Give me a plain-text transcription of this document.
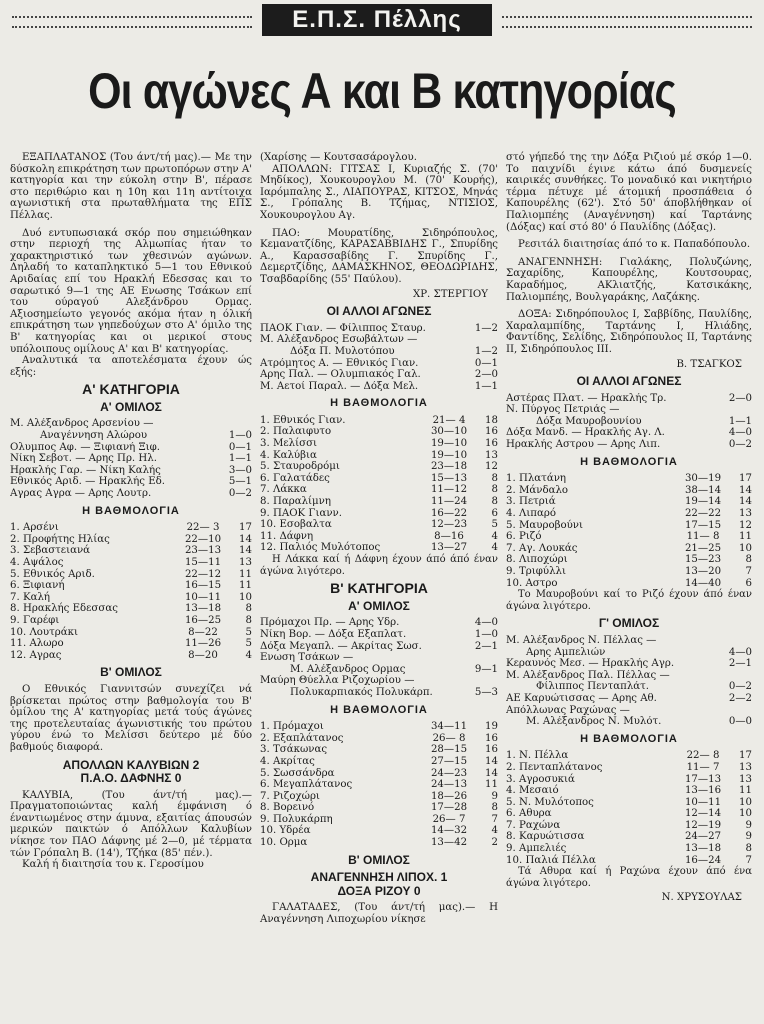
Ε.Π.Σ. Πέλλης
Οι αγώνες Α και Β κατηγορίας

ΕΞΑΠΛΑΤΑΝΟΣ (Του άντ/τή μας).— Με την δύσκολη επικράτηση των πρωτοπόρων στην Α' κατηγορία και την εύκολη στην Β', πέρασε στο περιθώριο και η 10η και 11η αντίτοιχα αγωνιστική στα πρωταθλήματα της ΕΠΣ Πέλλας.

Δυό εντυπωσιακά σκόρ που σημειώθηκαν στην περιοχή της Αλμωπίας ήταν το χαρακτηριστικό των χθεσινών αγώνων. Δηλαδή το καταπληκτικό 5—1 του Εθνικού Αριδαίας επί του Ηρακλή Εδεσσας και το σαρωτικό 9—1 της ΑΕ Ενωσης Τσάκων επί του ούραγού Αλεξάνδρου Ορμας. Αξιοσημείωτο γεγονός ακόμα ήταν η όλική επικράτηση των γηπεδούχων στο Α' όμιλο της Β' κατηγορίας και οι μερικοί στους υπόλοιπους ομίλους Α' και Β' κατηγορίας.

Αναλυτικά τα αποτελέσματα έχουν ώς εξής:

Α' ΚΑΤΗΓΟΡΙΑ
Α' ΟΜΙΛΟΣ
Μ. Αλέξανδρος Αρσενίου —
Αναγέννηση Αλώρου	1—0
Ολυμπος Αφ. — Ξιφιανή Ξιφ.	0—1
Νίκη Σεβοτ. — Αρης Πρ. Ηλ.	1—1
Ηρακλής Γαρ. — Νίκη Καλής	3—0
Εθνικός Αριδ. — Ηρακλής Εδ.	5—1
Αγρας Αγρα — Αρης Λουτρ.	0—2
Η ΒΑΘΜΟΛΟΓΙΑ
1. Αρσένι	22— 3	17
2. Προφήτης Ηλίας	22—10	14
3. Σεβαστειανά	23—13	14
4. Αψάλος	15—11	13
5. Εθνικός Αριδ.	22—12	11
6. Ξιφιανή	16—15	11
7. Καλή	10—11	10
8. Ηρακλής Εδεσσας	13—18	8
9. Γαρέφι	16—25	8
10. Λουτράκι	8—22	5
11. Αλωρο	11—26	5
12. Αγρας	8—20	4
Β' ΟΜΙΛΟΣ

Ο Εθνικός Γιαννιτσών συνεχίζει νά βρίσκεται πρώτος στην βαθμολογία του Β' ὁμίλου της Α' κατηγορίας μετά τούς άγώνες της προτελευταίας άγωνιστικής του πρώτου γύρου ένώ το Μελίσσι δεύτερο μέ δύο βαθμούς διαφορά.

ΑΠΟΛΛΩΝ ΚΑΛΥΒΙΩΝ 2
Π.Α.Ο. ΔΑΦΝΗΣ 0

ΚΑΛΥΒΙΑ, (Του άντ/τή μας).— Πραγματοποιώντας καλή έμφάνιση ό έναντιωμένος στην άμυνα, εξαιτίας άπουσών μερικών παικτών ό Απόλλων Καλυβίων νίκησε τον ΠΑΟ Δάφνης μέ 2—0, μέ τέρματα τών Γρόπαλη Β. (14'), Τζήκα (85' πέν.).

Καλή ή διαιτησία του κ. Γεροσίμου

(Χαρίσης — Κουτσασάρογλου.

ΑΠΟΛΛΩΝ: ΓΙΤΣΑΣ Ι, Κυριαζής Σ. (70' Μηδίκος), Χουκουρογλου Μ. (70' Κουρής), Ιαρόμπαλης Σ., ΛΙΑΠΟΥΡΑΣ, ΚΙΤΣΟΣ, Μηνάς Σ., Γρόπαλης Β. Τζήμας, ΝΤΙΣΙΟΣ, Χουκουρογλου Αγ.

ΠΑΟ: Μουρατίδης, Σιδηρόπουλος, Κεμανατζίδης, ΚΑΡΑΣΑΒΒΙΔΗΣ Γ., Σπυρίδης Α., Καρασσαβίδης Γ. Σπυρίδης Γ., Δεμερτζίδης, ΔΑΜΑΣΚΗΝΟΣ, ΘΕΟΔΩΡΙΔΗΣ, Τσαβδαρίδης (55' Παύλου).

ΧΡ. ΣΤΕΡΓΙΟΥ
ΟΙ ΑΛΛΟΙ ΑΓΩΝΕΣ
ΠΑΟΚ Γιαν. — Φίλιππος Σταυρ.	1—2
Μ. Αλέξανδρος Εσωβάλτων —
Δόξα Π. Μυλοτόπου	1—2
Ατρόμητος Α. — Εθνικός Γιαν.	0—1
Αρης Παλ. — Ολυμπιακός Γαλ.	2—0
Μ. Αετοί Παραλ. — Δόξα Μελ.	1—1
Η ΒΑΘΜΟΛΟΓΙΑ
1. Εθνικός Γιαν.	21— 4	18
2. Παλαιφυτο	30—10	16
3. Μελίσσι	19—10	16
4. Καλύβια	19—10	13
5. Σταυροδρόμι	23—18	12
6. Γαλατάδες	15—13	8
7. Λάκκα	11—12	8
8. Παραλίμνη	11—24	8
9. ΠΑΟΚ Γιανν.	16—22	6
10. Εσοβαλτα	12—23	5
11. Δάφνη	8—16	4
12. Παλιός Μυλότοπος	13—27	4

Η Λάκκα καί ή Δάφνη έχουν άπό άπό έναν άγώνα λιγότερο.

Β' ΚΑΤΗΓΟΡΙΑ
Α' ΟΜΙΛΟΣ
Πρόμαχοι Πρ. — Αρης Υδρ.	4—0
Νίκη Βορ. — Δόξα Εξαπλατ.	1—0
Δόξα Μεγαπλ. — Ακρίτας Σωσ.	2—1
Ενωση Τσάκων —
Μ. Αλέξανδρος Ορμας	9—1
Μαύρη Θύελλα Ριζοχωρίου —
Πολυκαρπιακός Πολυκάρπ.	5—3
Η ΒΑΘΜΟΛΟΓΙΑ
1. Πρόμαχοι	34—11	19
2. Εξαπλάτανος	26— 8	16
3. Τσάκωνας	28—15	16
4. Ακρίτας	27—15	14
5. Σωσσάνδρα	24—23	14
6. Μεγαπλάτανος	24—13	11
7. Ριζοχώρι	18—26	9
8. Βορεινό	17—28	8
9. Πολυκάρπη	26— 7	7
10. Υδρέα	14—32	4
10. Ορμα	13—42	2
Β' ΟΜΙΛΟΣ
ΑΝΑΓΕΝΝΗΣΗ ΛΙΠΟΧ. 1
ΔΟΞΑ ΡΙΖΟΥ 0

ΓΑΛΑΤΑΔΕΣ, (Του άντ/τή μας).— Η Αναγέννηση Λιποχωρίου νίκησε

στό γήπεδό της την Δόξα Ριζιού μέ σκόρ 1—0. Το παιχνίδι έγινε κάτω άπό δυσμενείς καιρικές συνθήκες. Το μοναδικό και νικητήριο τέρμα πέτυχε μέ άτομική προσπάθεια ό Καπουρέλης (62'). Στό 50' άποβλήθηκαν οί Παλιομπέης (Αναγέννηση) καί Ταρτάνης (Δόξας) καί στό 80' ό Παυλίδης (Δόξας).

Ρεσιτάλ διαιτησίας άπό το κ. Παπαδόπουλο.

ΑΝΑΓΕΝΝΗΣΗ: Γιαλάκης, Πολυζώνης, Σαχαρίδης, Καπουρέλης, Κουτσουρας, Καραδήμος, ΑΚλιατζής, Κατσικάκης, Παλιομπέης, Βουλγαράκης, Λαζάκης.

ΔΟΞΑ: Σιδηρόπουλος Ι, Σαββίδης, Παυλίδης, Χαραλαμπίδης, Ταρτάνης Ι, Ηλιάδης, Φαντίδης, Σελίδης, Σιδηρόπουλος ΙΙ, Ταρτάνης ΙΙ, Σιδηρόπουλος ΙΙΙ.

Β. ΤΣΑΓΚΟΣ
ΟΙ ΑΛΛΟΙ ΑΓΩΝΕΣ
Αστέρας Πλατ. — Ηρακλής Τρ.	2—0
Ν. Πύργος Πετριάς —
Δόξα Μαυροβουνίου	1—1
Δόξα Μανδ. — Ηρακλής Αγ. Λ.	4—0
Ηρακλής Αστρου — Αρης Λιπ.	0—2
Η ΒΑΘΜΟΛΟΓΙΑ
1. Πλατάνη	30—19	17
2. Μάνδαλο	38—14	14
3. Πετριά	19—14	14
4. Λιπαρό	22—22	13
5. Μαυροβούνι	17—15	12
6. Ριζό	11— 8	11
7. Αγ. Λουκάς	21—25	10
8. Λιποχώρι	15—23	8
9. Τριφύλλι	13—20	7
10. Αστρο	14—40	6

Το Μαυροβούνι καί το Ριζό έχουν άπό έναν άγώνα λιγότερο.

Γ' ΟΜΙΛΟΣ
Μ. Αλέξανδρος Ν. Πέλλας —
Αρης Αμπελιών	4—0
Κεραυνός Μεσ. — Ηρακλής Αγρ.	2—1
Μ. Αλέξανδρος Παλ. Πέλλας —
Φίλιππος Πενταπλάτ.	0—2
ΑΕ Καρυώτισσας — Αρης Αθ.	2—2
Απόλλωνας Ραχώνας —
Μ. Αλέξανδρος Ν. Μυλότ.	0—0
Η ΒΑΘΜΟΛΟΓΙΑ
1. Ν. Πέλλα	22— 8	17
2. Πενταπλάτανος	11— 7	13
3. Αγροσυκιά	17—13	13
4. Μεσαιό	13—16	11
5. Ν. Μυλότοπος	10—11	10
6. Αθυρα	12—14	10
7. Ραχώνα	12—19	9
8. Καρυώτισσα	24—27	9
9. Αμπελιές	13—18	8
10. Παλιά Πέλλα	16—24	7

Τά Αθυρα καί ή Ραχώνα έχουν άπό ένα άγώνα λιγότερο.

Ν. ΧΡΥΣΟΥΛΑΣ
